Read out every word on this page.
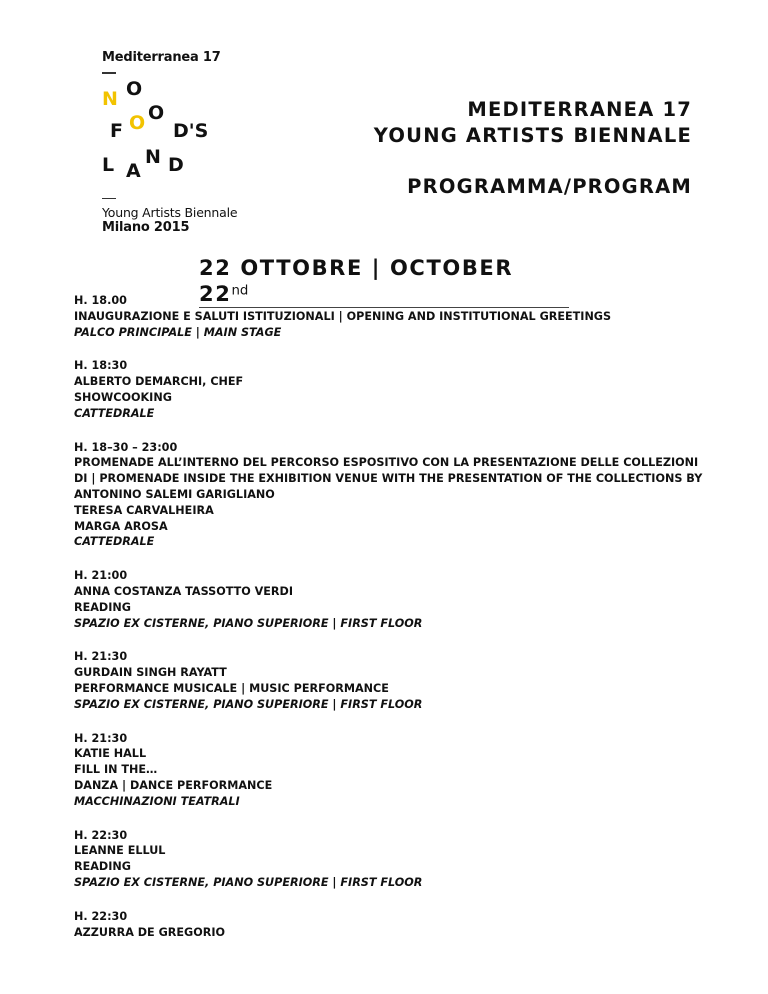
Mediterranea 17
N O
F O O
D'S
L A
N D
Young Artists Biennale
Milano 2015
MEDITERRANEA 17
YOUNG ARTISTS BIENNALE
PROGRAMMA/PROGRAM
22 OTTOBRE | OCTOBER 22nd
H. 18.00
INAUGURAZIONE E SALUTI ISTITUZIONALI | OPENING AND INSTITUTIONAL GREETINGS
PALCO PRINCIPALE | MAIN STAGE
H. 18:30
ALBERTO DEMARCHI, CHEF
SHOWCOOKING
CATTEDRALE
H. 18–30 – 23:00
PROMENADE ALL’INTERNO DEL PERCORSO ESPOSITIVO CON LA PRESENTAZIONE DELLE COLLEZIONI
DI | PROMENADE INSIDE THE EXHIBITION VENUE WITH THE PRESENTATION OF THE COLLECTIONS BY
ANTONINO SALEMI GARIGLIANO
TERESA CARVALHEIRA
MARGA AROSA
CATTEDRALE
H. 21:00
ANNA COSTANZA TASSOTTO VERDI
READING
SPAZIO EX CISTERNE, PIANO SUPERIORE | FIRST FLOOR
H. 21:30
GURDAIN SINGH RAYATT
PERFORMANCE MUSICALE | MUSIC PERFORMANCE
SPAZIO EX CISTERNE, PIANO SUPERIORE | FIRST FLOOR
H. 21:30
KATIE HALL
FILL IN THE…
DANZA | DANCE PERFORMANCE
MACCHINAZIONI TEATRALI
H. 22:30
LEANNE ELLUL
READING
SPAZIO EX CISTERNE, PIANO SUPERIORE | FIRST FLOOR
H. 22:30
AZZURRA DE GREGORIO
